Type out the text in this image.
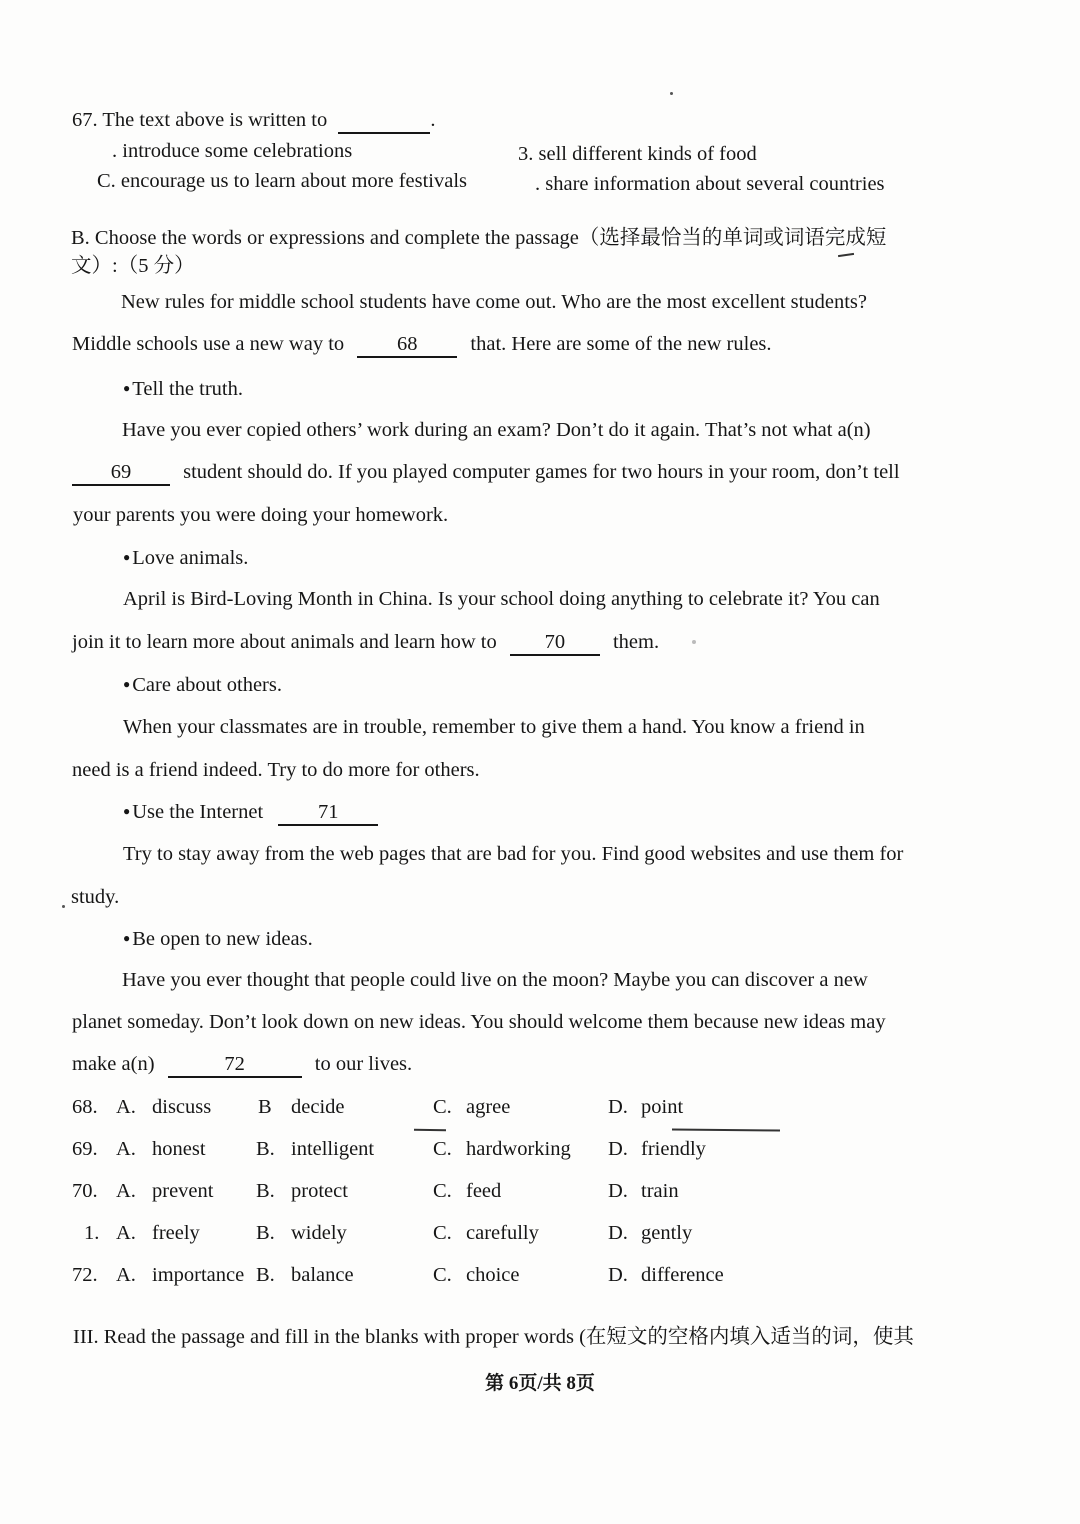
67. The text above is written to	.
. introduce some celebrations	3. sell different kinds of food
C. encourage us to learn about more festivals	. share information about several countries
B. Choose the words or expressions and complete the passage（选择最恰当的单词或词语完成短
文）:（5 分）
New rules for middle school students have come out. Who are the most excellent students?
Middle schools use a new way to	68	that. Here are some of the new rules.
● Tell the truth.
Have you ever copied others’ work during an exam? Don’t do it again. That’s not what a(n)
69	student should do. If you played computer games for two hours in your room, don’t tell
your parents you were doing your homework.
● Love animals.
April is Bird-Loving Month in China. Is your school doing anything to celebrate it? You can
join it to learn more about animals and learn how to 70 them.
● Care about others.
When your classmates are in trouble, remember to give them a hand. You know a friend in
need is a friend indeed. Try to do more for others.
● Use the Internet	71
Try to stay away from the web pages that are bad for you. Find good websites and use them for
study.
● Be open to new ideas.
Have you ever thought that people could live on the moon? Maybe you can discover a new
planet someday. Don’t look down on new ideas. You should welcome them because new ideas may
make a(n)	72	to our lives.
68. A. discuss B decide	C. agree	D. point
69. A. honest B. intelligent	C. hardworking D. friendly
70. A. prevent B. protect	C. feed	D. train
1. A. freely	B. widely	C. carefully	D. gently
72. A. importance B. balance	C. choice	D. difference
III. Read the passage and fill in the blanks with proper words (在短文的空格内填入适当的词，使其
第 6页/共 8页
